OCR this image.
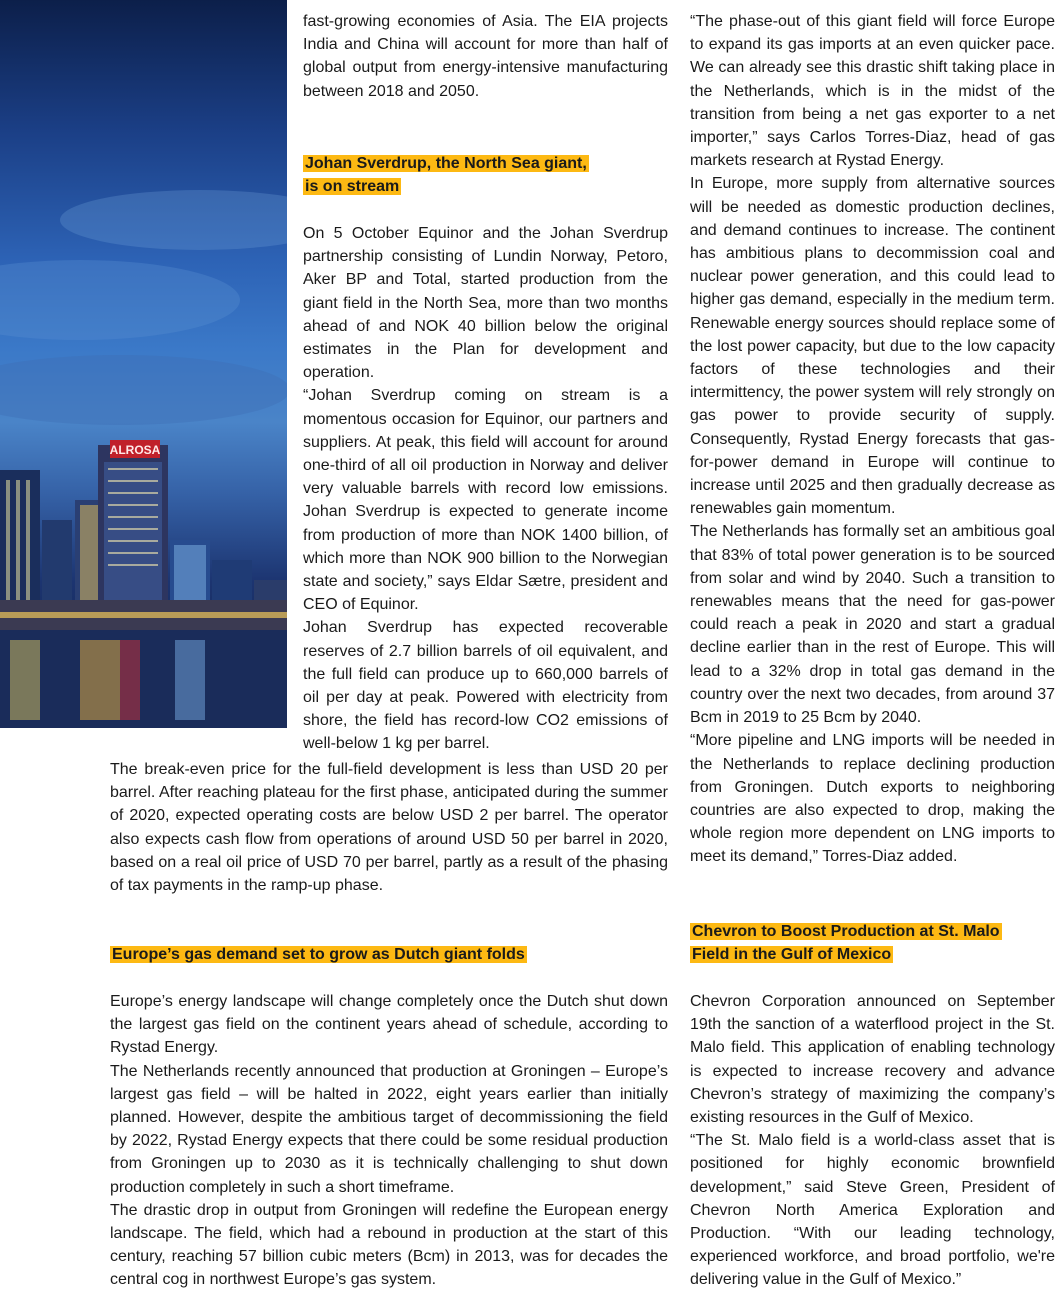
ALROSA

fast-growing economies of Asia. The EIA projects India and China will account for more than half of global output from energy-intensive manufacturing between 2018 and 2050.

Johan Sverdrup, the North Sea giant,
is on stream

On 5 October Equinor and the Johan Sverdrup partnership consisting of Lundin Norway, Petoro, Aker BP and Total, started production from the giant field in the North Sea, more than two months ahead of and NOK 40 billion below the original estimates in the Plan for development and operation.

“Johan Sverdrup coming on stream is a momentous occasion for Equinor, our partners and suppliers. At peak, this field will account for around one-third of all oil production in Norway and deliver very valuable barrels with record low emissions. Johan Sverdrup is expected to generate income from production of more than NOK 1400 billion, of which more than NOK 900 billion to the Norwegian state and society,” says Eldar Sætre, president and CEO of Equinor.

Johan Sverdrup has expected recoverable reserves of 2.7 billion barrels of oil equivalent, and the full field can produce up to 660,000 barrels of oil per day at peak. Powered with electricity from shore, the field has record-low CO2 emissions of well-below 1 kg per barrel.

The break-even price for the full-field development is less than USD 20 per barrel. After reaching plateau for the first phase, anticipated during the summer of 2020, expected operating costs are below USD 2 per barrel. The operator also expects cash flow from operations of around USD 50 per barrel in 2020, based on a real oil price of USD 70 per barrel, partly as a result of the phasing of tax payments in the ramp-up phase.

Europe’s gas demand set to grow as Dutch giant folds

Europe’s energy landscape will change completely once the Dutch shut down the largest gas field on the continent years ahead of schedule, according to Rystad Energy.

The Netherlands recently announced that production at Groningen – Europe’s largest gas field – will be halted in 2022, eight years earlier than initially planned. However, despite the ambitious target of decommissioning the field by 2022, Rystad Energy expects that there could be some residual production from Groningen up to 2030 as it is technically challenging to shut down production completely in such a short timeframe.

The drastic drop in output from Groningen will redefine the European energy landscape. The field, which had a rebound in production at the start of this century, reaching 57 billion cubic meters (Bcm) in 2013, was for decades the central cog in northwest Europe’s gas system.

“The phase-out of this giant field will force Europe to expand its gas imports at an even quicker pace. We can already see this drastic shift taking place in the Netherlands, which is in the midst of the transition from being a net gas exporter to a net importer,” says Carlos Torres-Diaz, head of gas markets research at Rystad Energy.

In Europe, more supply from alternative sources will be needed as domestic production declines, and demand continues to increase. The continent has ambitious plans to decommission coal and nuclear power generation, and this could lead to higher gas demand, especially in the medium term. Renewable energy sources should replace some of the lost power capacity, but due to the low capacity factors of these technologies and their intermittency, the power system will rely strongly on gas power to provide security of supply. Consequently, Rystad Energy forecasts that gas-for-power demand in Europe will continue to increase until 2025 and then gradually decrease as renewables gain momentum.

The Netherlands has formally set an ambitious goal that 83% of total power generation is to be sourced from solar and wind by 2040. Such a transition to renewables means that the need for gas-power could reach a peak in 2020 and start a gradual decline earlier than in the rest of Europe. This will lead to a 32% drop in total gas demand in the country over the next two decades, from around 37 Bcm in 2019 to 25 Bcm by 2040.

“More pipeline and LNG imports will be needed in the Netherlands to replace declining production from Groningen. Dutch exports to neighboring countries are also expected to drop, making the whole region more dependent on LNG imports to meet its demand,” Torres-Diaz added.

Chevron to Boost Production at St. Malo
Field in the Gulf of Mexico

Chevron Corporation announced on September 19th the sanction of a waterflood project in the St. Malo field. This application of enabling technology is expected to increase recovery and advance Chevron’s strategy of maximizing the company’s existing resources in the Gulf of Mexico.

“The St. Malo field is a world-class asset that is positioned for highly economic brownfield development,” said Steve Green, President of Chevron North America Exploration and Production. “With our leading technology, experienced workforce, and broad portfolio, we're delivering value in the Gulf of Mexico.”
